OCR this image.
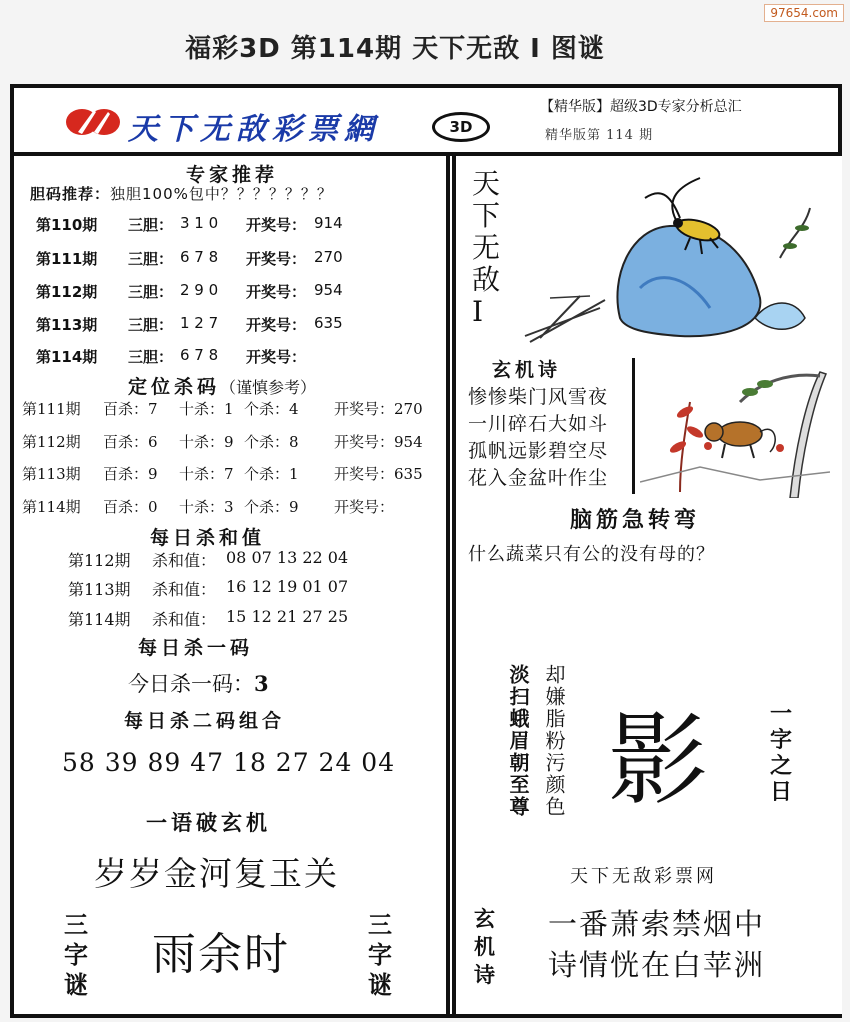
97654.com
福彩3D 第114期 天下无敌 I 图谜
天下无敌彩票網	3D
【精华版】超级3D专家分析总汇
精华版第 114 期
专家推荐
胆码推荐：独胆100%包中？？？？？？？
第110期 三胆： 3 1 0 开奖号： 914
第111期 三胆： 6 7 8 开奖号： 270
第112期 三胆： 2 9 0 开奖号： 954
第113期 三胆： 1 2 7 开奖号： 635
第114期 三胆： 6 7 8 开奖号：
定位杀码（谨慎参考）
第111期 百杀：7 十杀：1 个杀：4 开奖号：270
第112期 百杀：6 十杀：9 个杀：8 开奖号：954
第113期 百杀：9 十杀：7 个杀：1 开奖号：635
第114期 百杀：0 十杀：3 个杀：9 开奖号：
每日杀和值
第112期 杀和值： 08 07 13 22 04
第113期 杀和值： 16 12 19 01 07
第114期 杀和值： 15 12 21 27 25
每日杀一码
今日杀一码：3
每日杀二码组合
58 39 89 47 18 27 24 04
一语破玄机
岁岁金河复玉关
三字谜
雨余时
三字谜
天
下
无
敌
I
玄机诗
惨惨柴门风雪夜
一川碎石大如斗
孤帆远影碧空尽
花入金盆叶作尘
脑筋急转弯
什么蔬菜只有公的没有母的？
却嫌脂粉污颜色
淡扫蛾眉朝至尊 影	一字之日
天下无敌彩票网
玄机诗
一番萧索禁烟中
诗情恍在白苹洲
